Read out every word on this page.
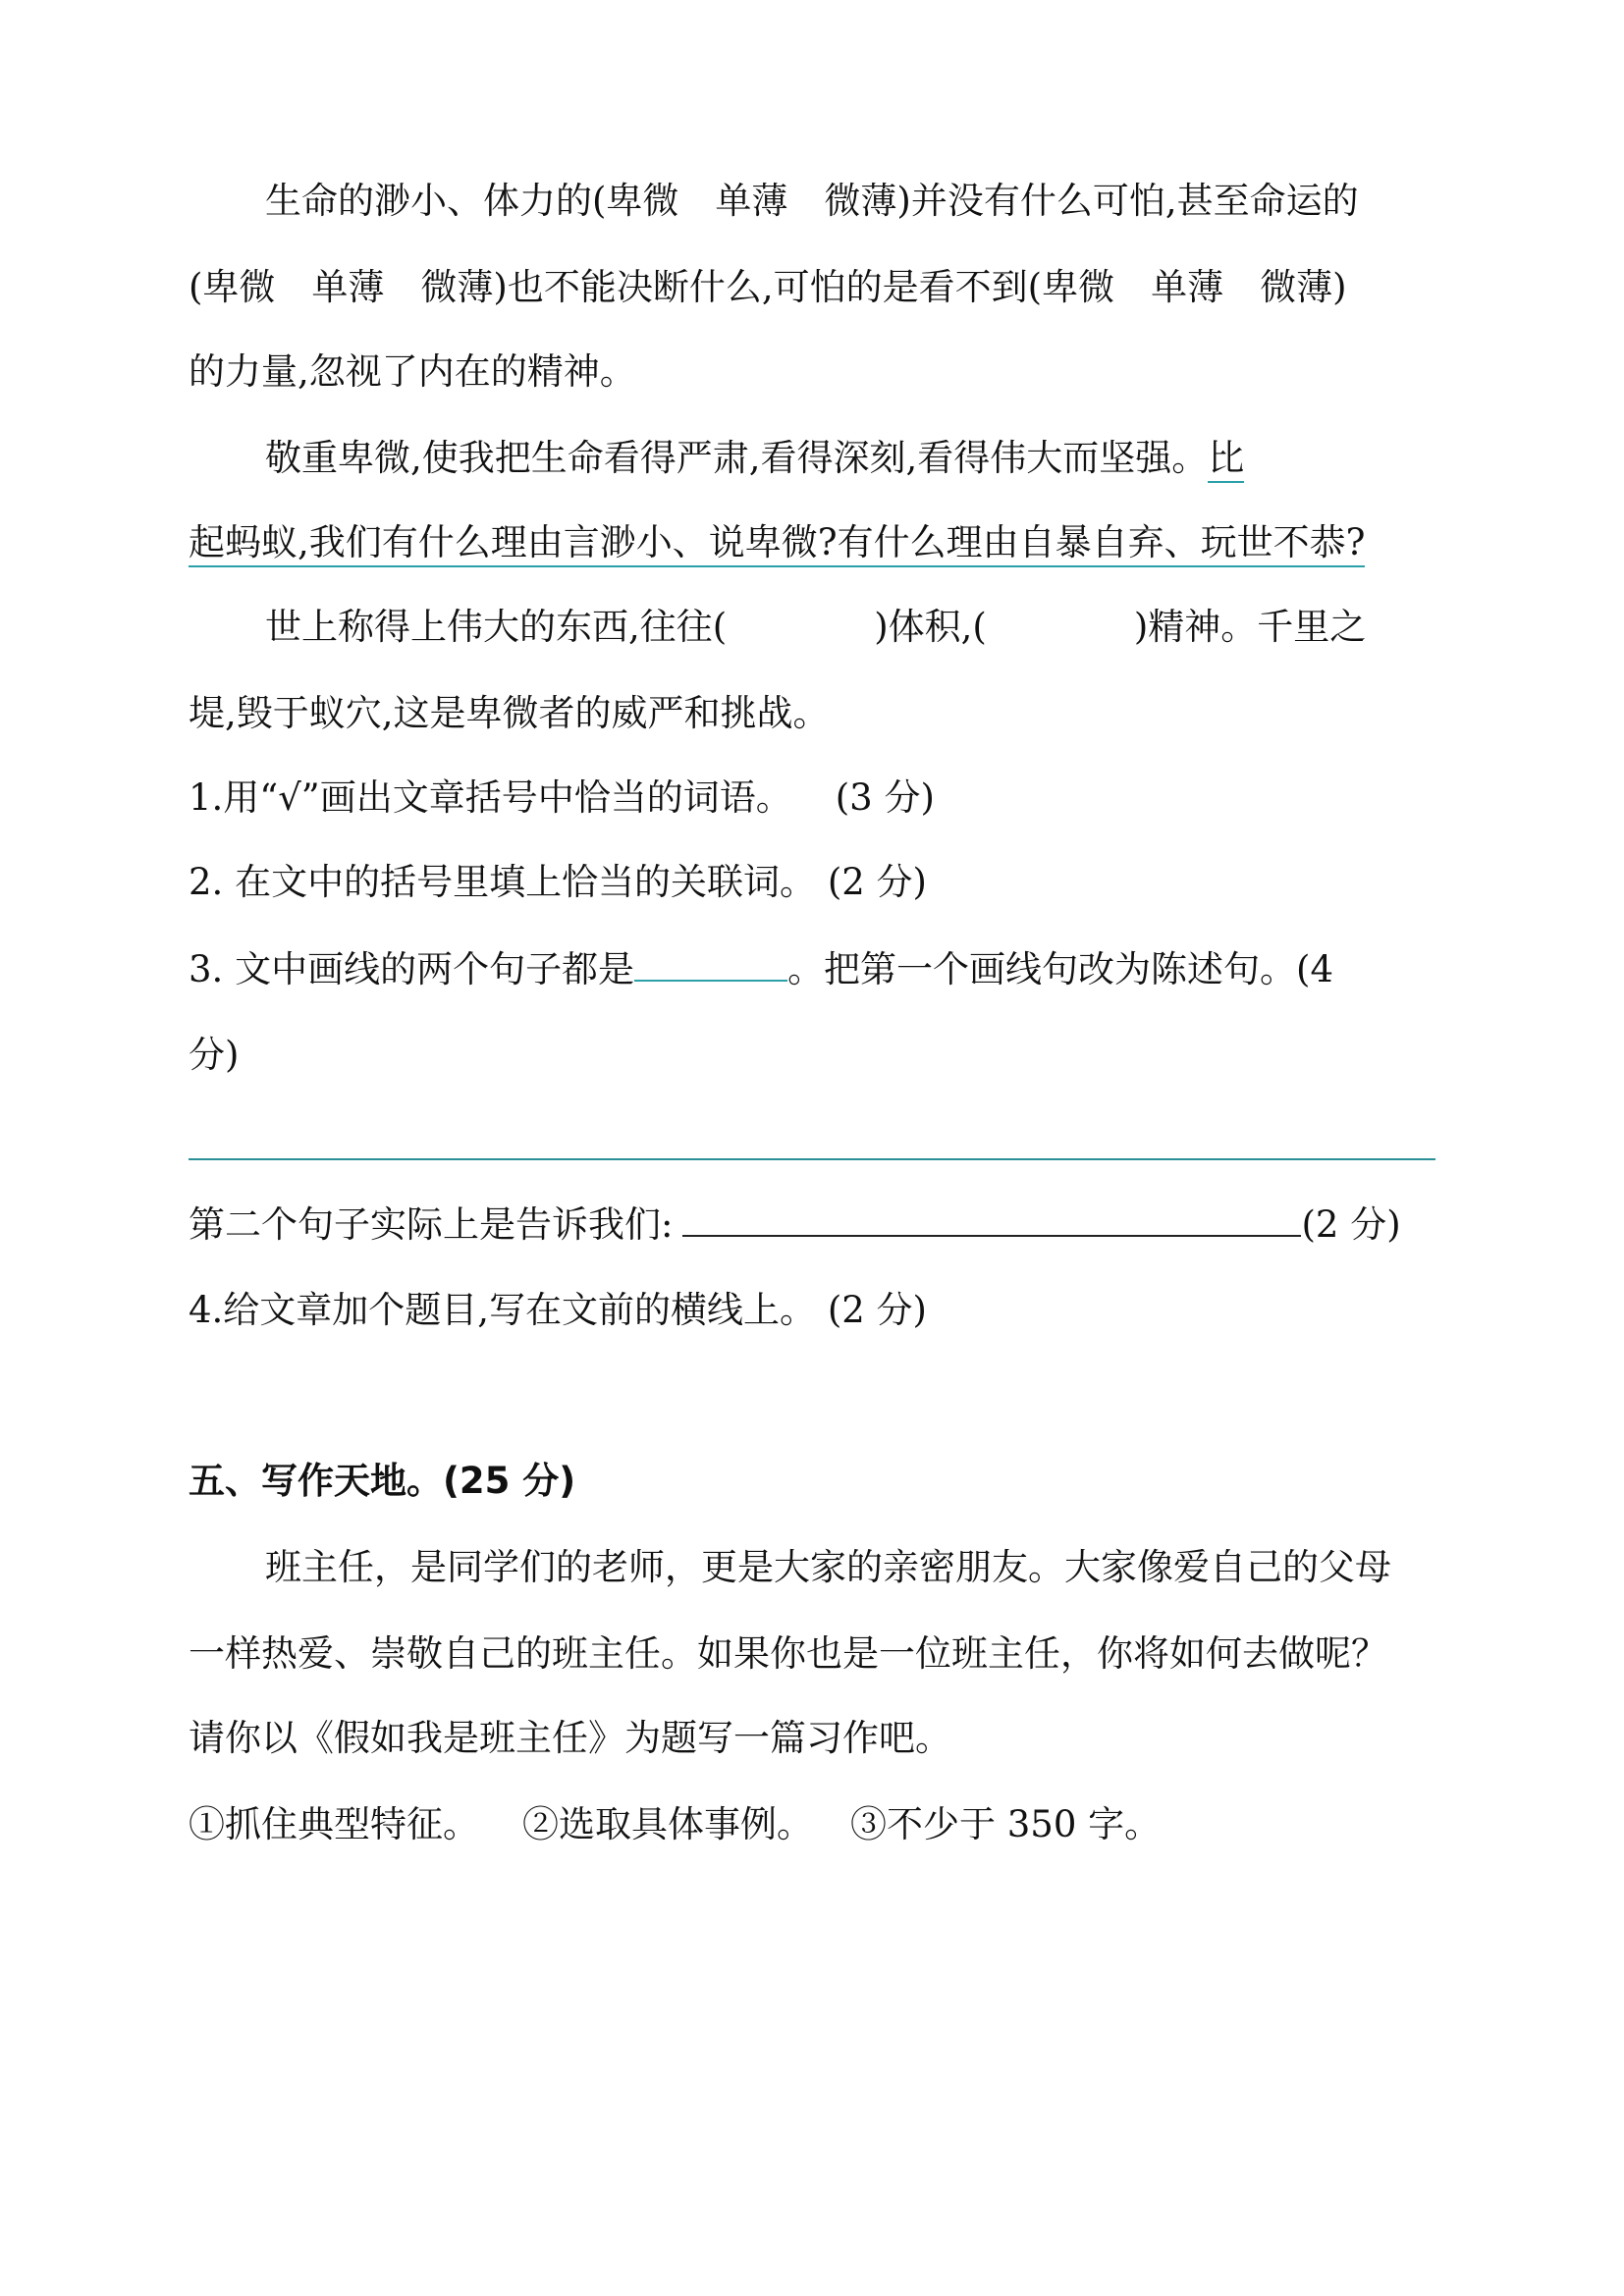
生命的渺小、体力的(卑微　单薄　微薄)并没有什么可怕,甚至命运的
(卑微　单薄　微薄)也不能决断什么,可怕的是看不到(卑微　单薄　微薄)
的力量,忽视了内在的精神。
敬重卑微,使我把生命看得严肃,看得深刻,看得伟大而坚强。比
起蚂蚁,我们有什么理由言渺小、说卑微?有什么理由自暴自弃、玩世不恭?
世上称得上伟大的东西,往往(	)体积,(	)精神。千里之
堤,毁于蚁穴,这是卑微者的威严和挑战。
1.用“√”画出文章括号中恰当的词语。 (3 分)
2. 在文中的括号里填上恰当的关联词。 (2 分)
3. 文中画线的两个句子都是	。把第一个画线句改为陈述句。(4
分)
第二个句子实际上是告诉我们:	(2 分)
4.给文章加个题目,写在文前的横线上。 (2 分)
五、写作天地。(25 分)
班主任，是同学们的老师，更是大家的亲密朋友。大家像爱自己的父母
一样热爱、崇敬自己的班主任。如果你也是一位班主任，你将如何去做呢？
请你以《假如我是班主任》为题写一篇习作吧。
①抓住典型特征。 ②选取具体事例。 ③不少于 350 字。
